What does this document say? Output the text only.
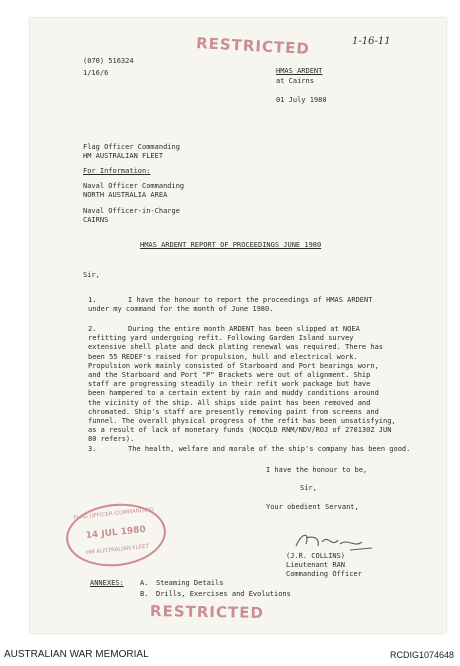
(070) 516324
1/16/6
RESTRICTED	1-16-11
HMAS ARDENT
at Cairns
01 July 1980
Flag Officer Commanding
HM AUSTRALIAN FLEET
For Information:
Naval Officer Commanding
NORTH AUSTRALIA AREA
Naval Officer-in-Charge
CAIRNS
HMAS ARDENT REPORT OF PROCEEDINGS JUNE 1980
Sir,
1.	I have the honour to report the proceedings of HMAS ARDENT
under my command for the month of June 1980.
2.	During the entire month ARDENT has been slipped at NQEA
refitting yard undergoing refit. Following Garden Island survey
extensive shell plate and deck plating renewal was required. There has
been 55 REDEF's raised for propulsion, hull and electrical work.
Propulsion work mainly consisted of Starboard and Port bearings worn,
and the Starboard and Port "P" Brackets were out of alignment. Ship
staff are progressing steadily in their refit work package but have
been hampered to a certain extent by rain and muddy conditions around
the vicinity of the ship. All ships side paint has been removed and
chromated. Ship's staff are presently removing paint from screens and
funnel. The overall physical progress of the refit has been unsatisfying,
as a result of lack of monetary funds (NOCQLD RNM/NDV/ROJ of 270130Z JUN
80 refers).
3.	The health, welfare and morale of the ship's company has been good.
I have the honour to be,
Sir,
Your obedient Servant,
(J.R. COLLINS)
Lieutenant RAN
Commanding Officer
FLAG OFFICER COMMANDING
14 JUL 1980
HM AUSTRALIAN FLEET
ANNEXES: A. Steaming Details
B. Drills, Exercises and Evolutions
RESTRICTED
AUSTRALIAN WAR MEMORIAL	RCDIG1074648
